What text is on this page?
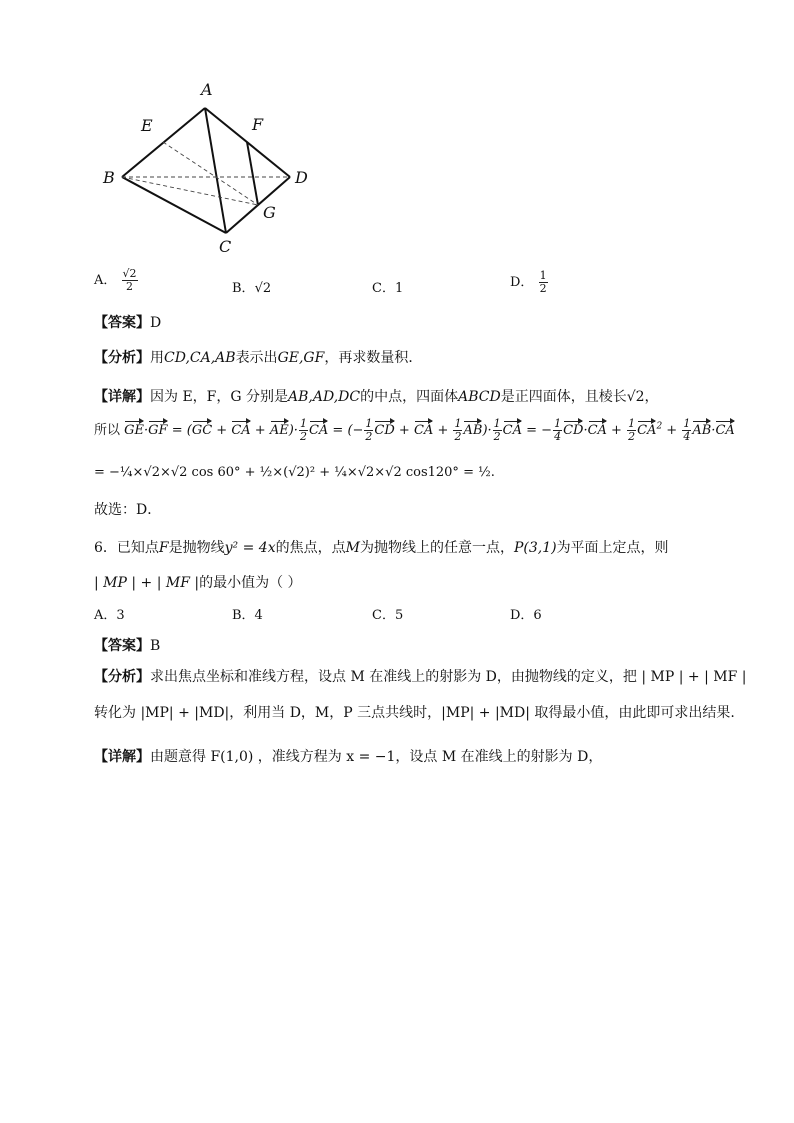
A
E	F
B	D
G
C
A． $\frac{√2}{2}$	B．√2	C．1	D． $\frac{1}{2}$
【答案】D
【分析】用CD,CA,AB表示出GE,GF，再求数量积．
【详解】因为 E，F，G 分别是AB,AD,DC的中点，四面体ABCD是正四面体，且棱长√2，
所以 GE·GF = (GC + CA + $AE)\cdot \frac{1}{2}$ CA = (− $\frac{1}{2}$ CD + CA + $\frac{1}{2} AB)\cdot \frac{1}{2}$ CA = − $\frac{1}{4} CD\cdot CA + \frac{1}{2} CA^2 + \frac{1}{4} AB\cdot CA$
= −¼×√2×√2 cos 60° + ½×(√2)² + ¼×√2×√2 cos120° = ½.
故选：D．
6．已知点F是抛物线y² = 4x的焦点，点M为抛物线上的任意一点，P(3,1)为平面上定点，则
| MP | + | MF |的最小值为（ ）
A．3	B．4	C．5	D．6
【答案】B
【分析】求出焦点坐标和准线方程，设点 M 在准线上的射影为 D，由抛物线的定义，把 | MP | + | MF |
转化为 |MP| + |MD|，利用当 D，M，P 三点共线时，|MP| + |MD| 取得最小值，由此即可求出结果.
【详解】由题意得 F(1,0) ，准线方程为 x = −1，设点 M 在准线上的射影为 D，
